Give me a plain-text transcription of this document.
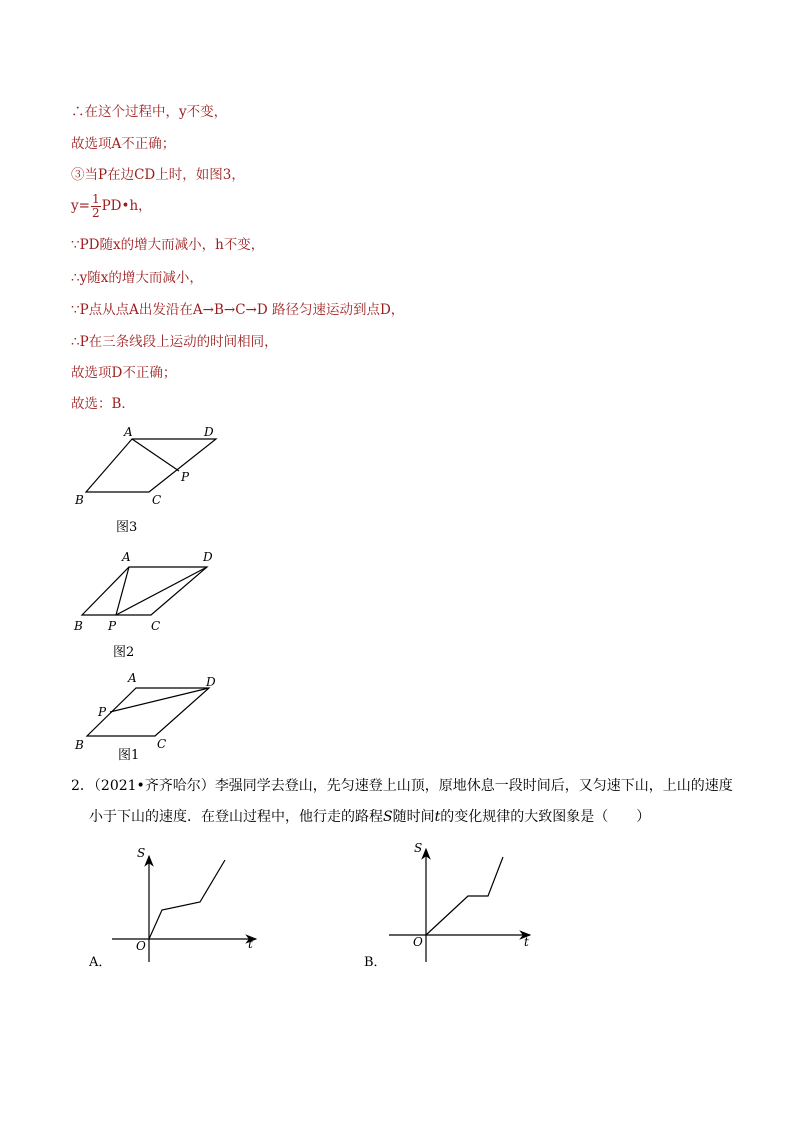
∴在这个过程中，y不变，
故选项A不正确；
③当P在边CD上时，如图3，
$y= \frac{1}{2}$ PD•h，
∵PD随x的增大而减小，h不变，
∴y随x的增大而减小，
∵P点从点A出发沿在A→B→C→D 路径匀速运动到点D，
∴P在三条线段上运动的时间相同，
故选项D不正确；
故选：B．
A	D
B	C
P
图3
A	D
B P	C
图2
A	D
P
B	C
图1
2．（2021•齐齐哈尔）李强同学去登山，先匀速登上山顶，原地休息一段时间后，又匀速下山，上山的速度
小于下山的速度．在登山过程中，他行走的路程S随时间t的变化规律的大致图象是（　　）
S
t
O
A．
S
t
O
B．
